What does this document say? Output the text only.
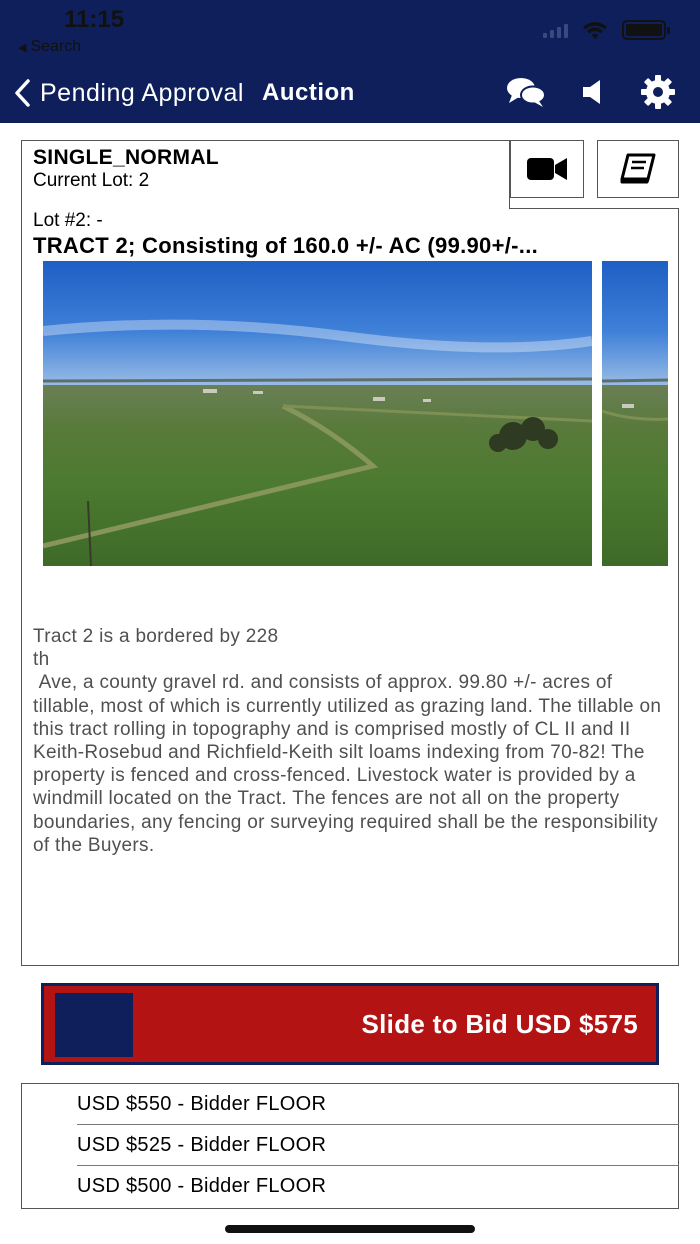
11:15
◀ Search
Pending Approval Auction
SINGLE_NORMAL
Current Lot: 2
Lot #2: -
TRACT 2; Consisting of 160.0 +/- AC (99.90+/-...
Tract 2 is a bordered by 228
th
Ave, a county gravel rd. and consists of approx. 99.80 +/- acres of tillable, most of which is currently utilized as grazing land. The tillable on this tract rolling in topography and is comprised mostly of CL II and II Keith-Rosebud and Richfield-Keith silt loams indexing from 70-82! The property is fenced and cross-fenced. Livestock water is provided by a windmill located on the Tract. The fences are not all on the property boundaries, any fencing or surveying required shall be the responsibility of the Buyers.
Slide to Bid USD $575
USD $550 - Bidder FLOOR
USD $525 - Bidder FLOOR
USD $500 - Bidder FLOOR
